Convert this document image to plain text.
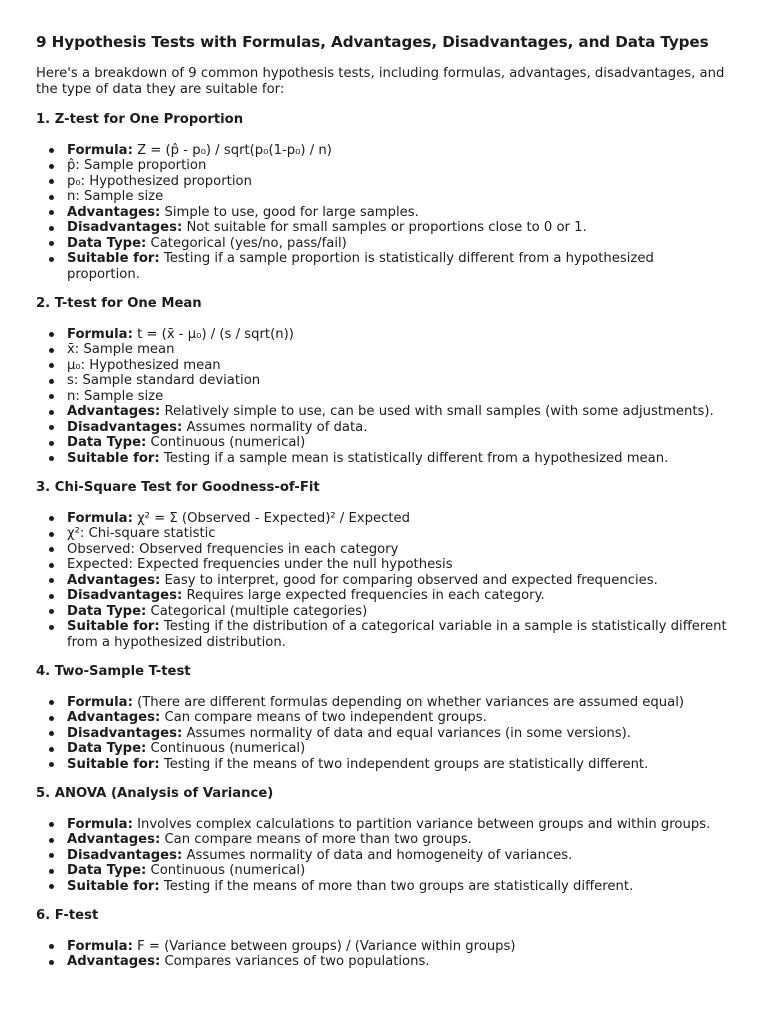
9 Hypothesis Tests with Formulas, Advantages, Disadvantages, and Data Types

Here's a breakdown of 9 common hypothesis tests, including formulas, advantages, disadvantages, and the type of data they are suitable for:

1. Z-test for One Proportion
Formula: Z = (p̂ - p₀) / sqrt(p₀(1-p₀) / n)
p̂: Sample proportion
p₀: Hypothesized proportion
n: Sample size
Advantages: Simple to use, good for large samples.
Disadvantages: Not suitable for small samples or proportions close to 0 or 1.
Data Type: Categorical (yes/no, pass/fail)
Suitable for: Testing if a sample proportion is statistically different from a hypothesized proportion.
2. T-test for One Mean
Formula: t = (x̄ - μ₀) / (s / sqrt(n))
x̄: Sample mean
μ₀: Hypothesized mean
s: Sample standard deviation
n: Sample size
Advantages: Relatively simple to use, can be used with small samples (with some adjustments).
Disadvantages: Assumes normality of data.
Data Type: Continuous (numerical)
Suitable for: Testing if a sample mean is statistically different from a hypothesized mean.
3. Chi-Square Test for Goodness-of-Fit
Formula: χ² = Σ (Observed - Expected)² / Expected
χ²: Chi-square statistic
Observed: Observed frequencies in each category
Expected: Expected frequencies under the null hypothesis
Advantages: Easy to interpret, good for comparing observed and expected frequencies.
Disadvantages: Requires large expected frequencies in each category.
Data Type: Categorical (multiple categories)
Suitable for: Testing if the distribution of a categorical variable in a sample is statistically different from a hypothesized distribution.
4. Two-Sample T-test
Formula: (There are different formulas depending on whether variances are assumed equal)
Advantages: Can compare means of two independent groups.
Disadvantages: Assumes normality of data and equal variances (in some versions).
Data Type: Continuous (numerical)
Suitable for: Testing if the means of two independent groups are statistically different.
5. ANOVA (Analysis of Variance)
Formula: Involves complex calculations to partition variance between groups and within groups.
Advantages: Can compare means of more than two groups.
Disadvantages: Assumes normality of data and homogeneity of variances.
Data Type: Continuous (numerical)
Suitable for: Testing if the means of more than two groups are statistically different.
6. F-test
Formula: F = (Variance between groups) / (Variance within groups)
Advantages: Compares variances of two populations.
